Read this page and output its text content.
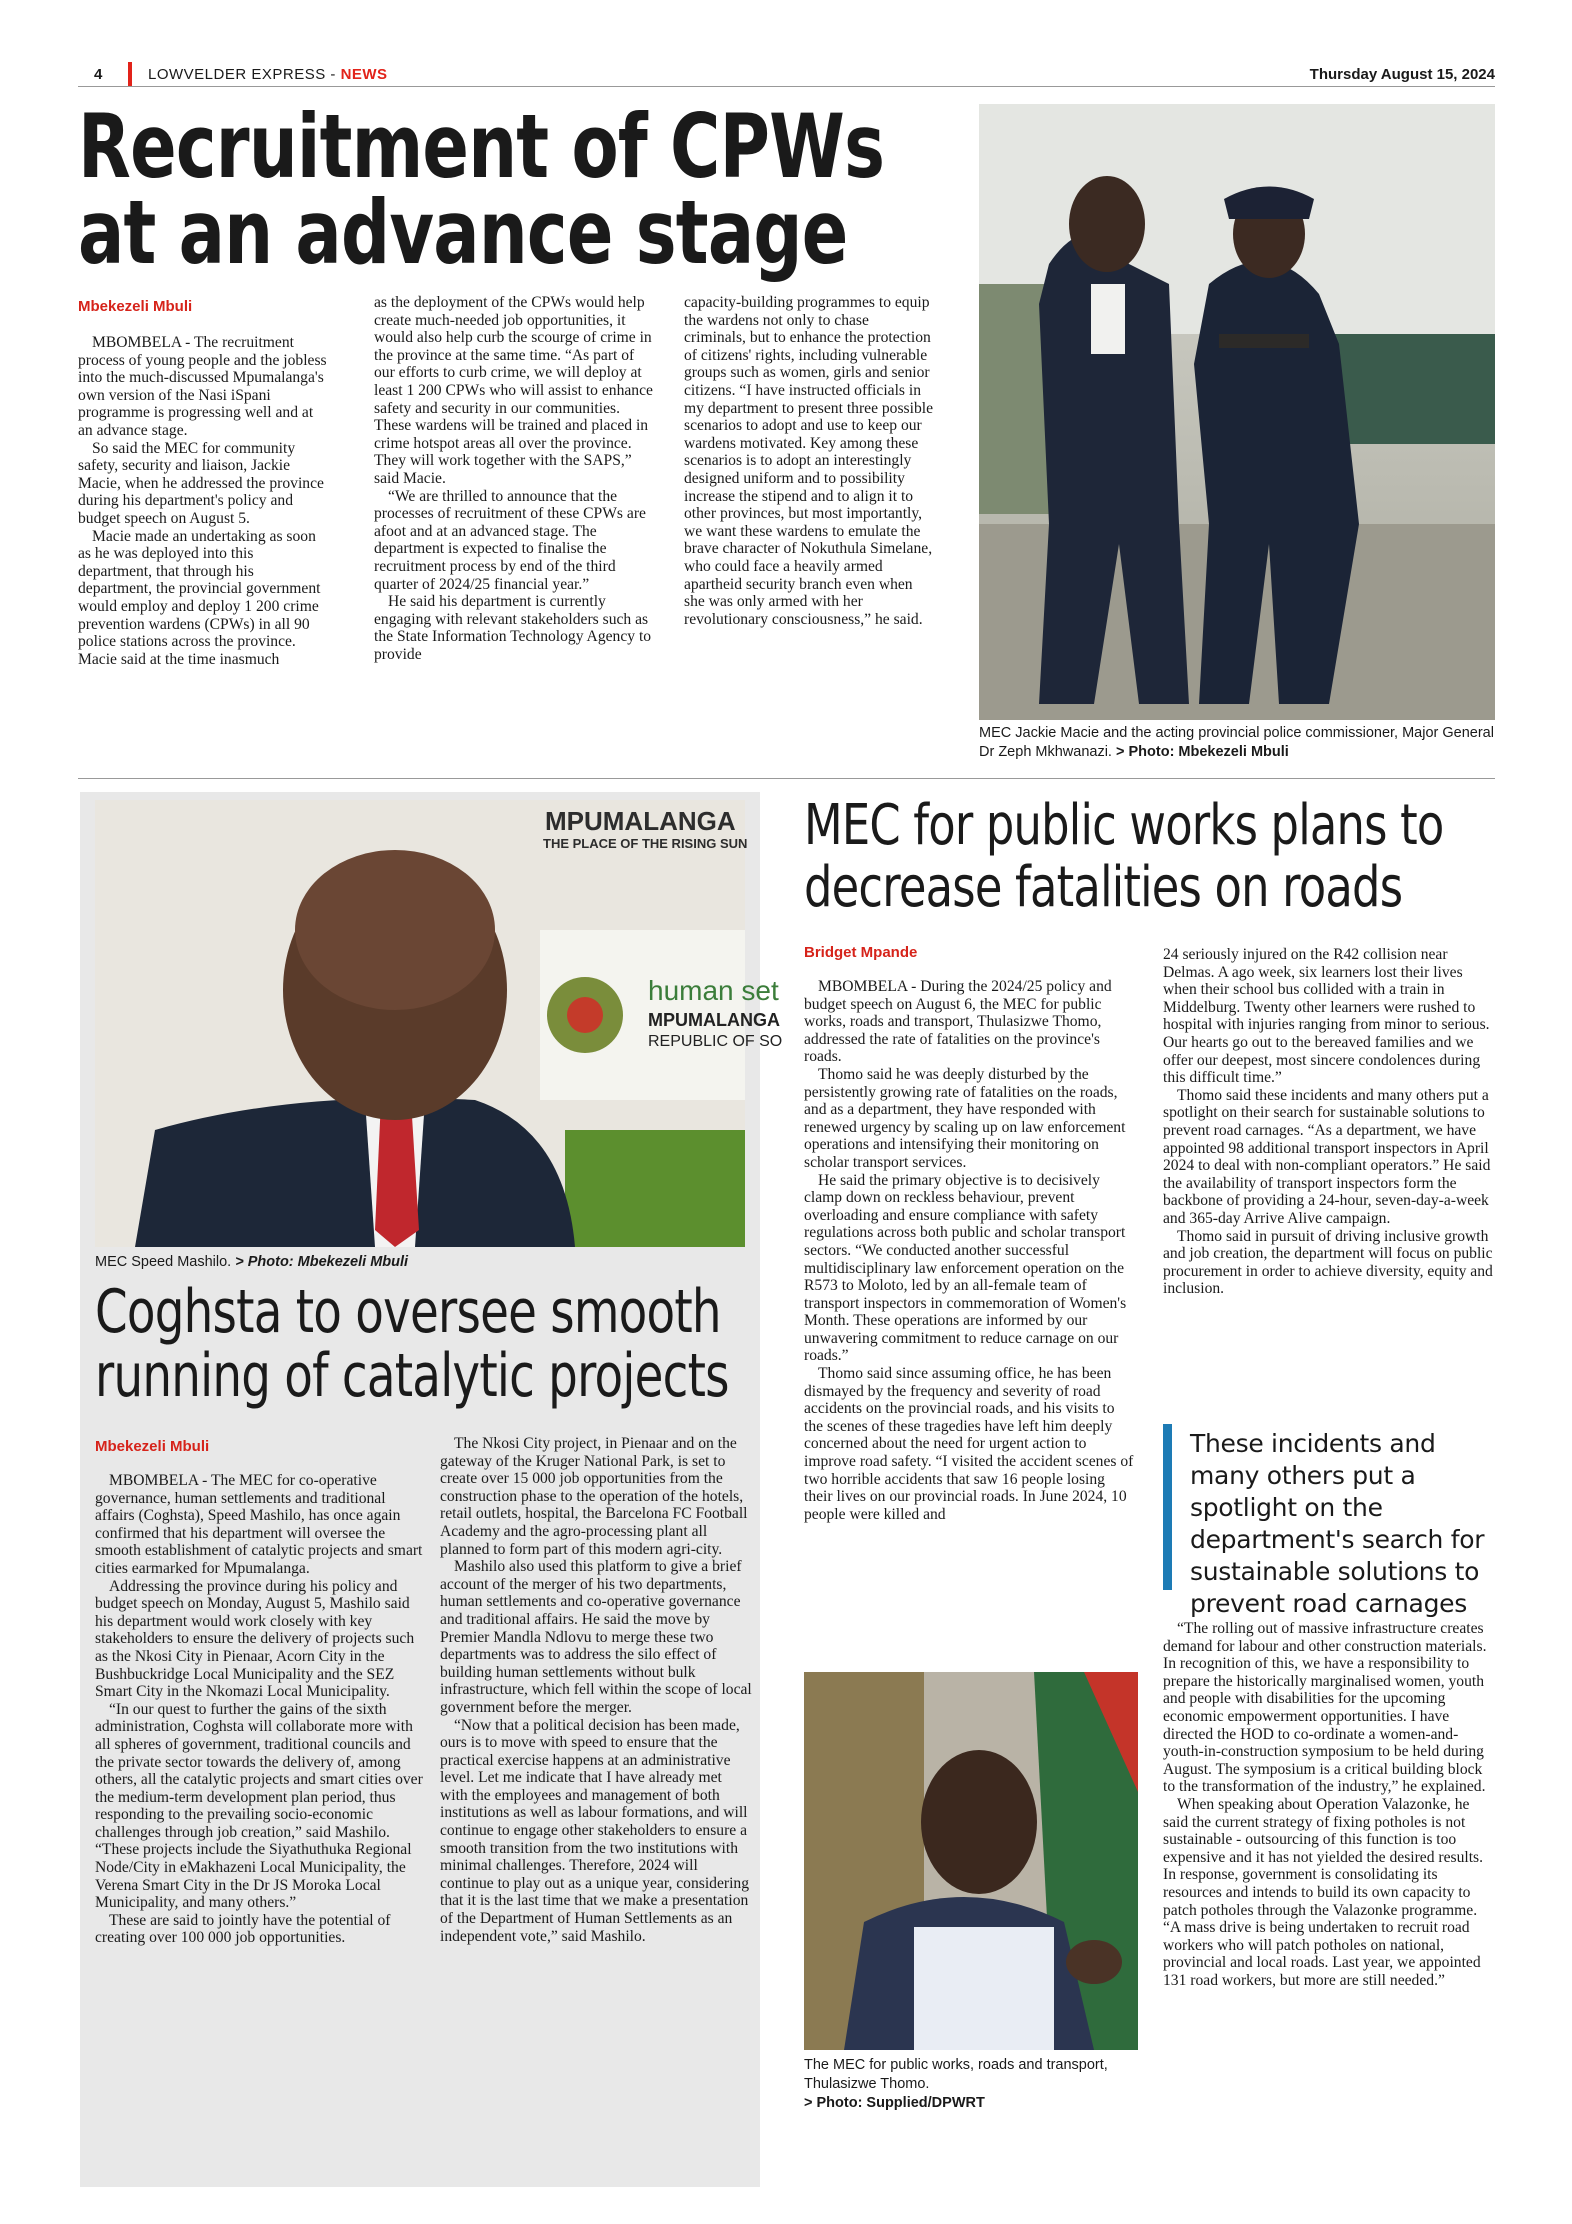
4	LOWVELDER EXPRESS - NEWS	Thursday August 15, 2024
Recruitment of CPWs
at an advance stage
Mbekezeli Mbuli

MBOMBELA - The recruitment process of young people and the jobless into the much-discussed Mpumalanga's own version of the Nasi iSpani programme is progressing well and at an advance stage.

So said the MEC for community safety, security and liaison, Jackie Macie, when he addressed the province during his department's policy and budget speech on August 5.

Macie made an undertaking as soon as he was deployed into this department, that through his department, the provincial government would employ and deploy 1 200 crime prevention wardens (CPWs) in all 90 police stations across the province. Macie said at the time inasmuch

as the deployment of the CPWs would help create much-needed job opportunities, it would also help curb the scourge of crime in the province at the same time. “As part of our efforts to curb crime, we will deploy at least 1 200 CPWs who will assist to enhance safety and security in our communities. These wardens will be trained and placed in crime hotspot areas all over the province. They will work together with the SAPS,” said Macie.

“We are thrilled to announce that the processes of recruitment of these CPWs are afoot and at an advanced stage. The department is expected to finalise the recruitment process by end of the third quarter of 2024/25 financial year.”

He said his department is currently engaging with relevant stakeholders such as the State Information Technology Agency to provide

capacity-building programmes to equip the wardens not only to chase criminals, but to enhance the protection of citizens' rights, including vulnerable groups such as women, girls and senior citizens. “I have instructed officials in my department to present three possible scenarios to adopt and use to keep our wardens motivated. Key among these scenarios is to adopt an interestingly designed uniform and to possibility increase the stipend and to align it to other provinces, but most importantly, we want these wardens to emulate the brave character of Nokuthula Simelane, who could face a heavily armed apartheid security branch even when she was only armed with her revolutionary consciousness,” he said.

MEC Jackie Macie and the acting provincial police commissioner, Major General Dr Zeph Mkhwanazi. > Photo: Mbekezeli Mbuli
MPUMALANGA
THE PLACE OF THE RISING SUN
human set
MPUMALANGA
REPUBLIC OF SO
MEC Speed Mashilo. > Photo: Mbekezeli Mbuli
Coghsta to oversee smooth
running of catalytic projects
Mbekezeli Mbuli

MBOMBELA - The MEC for co-operative governance, human settlements and traditional affairs (Coghsta), Speed Mashilo, has once again confirmed that his department will oversee the smooth establishment of catalytic projects and smart cities earmarked for Mpumalanga.

Addressing the province during his policy and budget speech on Monday, August 5, Mashilo said his department would work closely with key stakeholders to ensure the delivery of projects such as the Nkosi City in Pienaar, Acorn City in the Bushbuckridge Local Municipality and the SEZ Smart City in the Nkomazi Local Municipality.

“In our quest to further the gains of the sixth administration, Coghsta will collaborate more with all spheres of government, traditional councils and the private sector towards the delivery of, among others, all the catalytic projects and smart cities over the medium-term development plan period, thus responding to the prevailing socio-economic challenges through job creation,” said Mashilo. “These projects include the Siyathuthuka Regional Node/City in eMakhazeni Local Municipality, the Verena Smart City in the Dr JS Moroka Local Municipality, and many others.”

These are said to jointly have the potential of creating over 100 000 job opportunities.

The Nkosi City project, in Pienaar and on the gateway of the Kruger National Park, is set to create over 15 000 job opportunities from the construction phase to the operation of the hotels, retail outlets, hospital, the Barcelona FC Football Academy and the agro-processing plant all planned to form part of this modern agri-city.

Mashilo also used this platform to give a brief account of the merger of his two departments, human settlements and co-operative governance and traditional affairs. He said the move by Premier Mandla Ndlovu to merge these two departments was to address the silo effect of building human settlements without bulk infrastructure, which fell within the scope of local government before the merger.

“Now that a political decision has been made, ours is to move with speed to ensure that the practical exercise happens at an administrative level. Let me indicate that I have already met with the employees and management of both institutions as well as labour formations, and will continue to engage other stakeholders to ensure a smooth transition from the two institutions with minimal challenges. Therefore, 2024 will continue to play out as a unique year, considering that it is the last time that we make a presentation of the Department of Human Settlements as an independent vote,” said Mashilo.

MEC for public works plans to
decrease fatalities on roads
Bridget Mpande

MBOMBELA - During the 2024/25 policy and budget speech on August 6, the MEC for public works, roads and transport, Thulasizwe Thomo, addressed the rate of fatalities on the province's roads.

Thomo said he was deeply disturbed by the persistently growing rate of fatalities on the roads, and as a department, they have responded with renewed urgency by scaling up on law enforcement operations and intensifying their monitoring on scholar transport services.

He said the primary objective is to decisively clamp down on reckless behaviour, prevent overloading and ensure compliance with safety regulations across both public and scholar transport sectors. “We conducted another successful multidisciplinary law enforcement operation on the R573 to Moloto, led by an all-female team of transport inspectors in commemoration of Women's Month. These operations are informed by our unwavering commitment to reduce carnage on our roads.”

Thomo said since assuming office, he has been dismayed by the frequency and severity of road accidents on the provincial roads, and his visits to the scenes of these tragedies have left him deeply concerned about the need for urgent action to improve road safety. “I visited the accident scenes of two horrible accidents that saw 16 people losing their lives on our provincial roads. In June 2024, 10 people were killed and

24 seriously injured on the R42 collision near Delmas. A ago week, six learners lost their lives when their school bus collided with a train in Middelburg. Twenty other learners were rushed to hospital with injuries ranging from minor to serious. Our hearts go out to the bereaved families and we offer our deepest, most sincere condolences during this difficult time.”

Thomo said these incidents and many others put a spotlight on their search for sustainable solutions to prevent road carnages. “As a department, we have appointed 98 additional transport inspectors in April 2024 to deal with non-compliant operators.” He said the availability of transport inspectors form the backbone of providing a 24-hour, seven-day-a-week and 365-day Arrive Alive campaign.

Thomo said in pursuit of driving inclusive growth and job creation, the department will focus on public procurement in order to achieve diversity, equity and inclusion.

These incidents and many others put a spotlight on the department's search for sustainable solutions to prevent road carnages

“The rolling out of massive infrastructure creates demand for labour and other construction materials. In recognition of this, we have a responsibility to prepare the historically marginalised women, youth and people with disabilities for the upcoming economic empowerment opportunities. I have directed the HOD to co-ordinate a women-and-youth-in-construction symposium to be held during August. The symposium is a critical building block to the transformation of the industry,” he explained.

When speaking about Operation Valazonke, he said the current strategy of fixing potholes is not sustainable - outsourcing of this function is too expensive and it has not yielded the desired results. In response, government is consolidating its resources and intends to build its own capacity to patch potholes through the Valazonke programme. “A mass drive is being undertaken to recruit road workers who will patch potholes on national, provincial and local roads. Last year, we appointed 131 road workers, but more are still needed.”

The MEC for public works, roads and transport, Thulasizwe Thomo.
> Photo: Supplied/DPWRT
